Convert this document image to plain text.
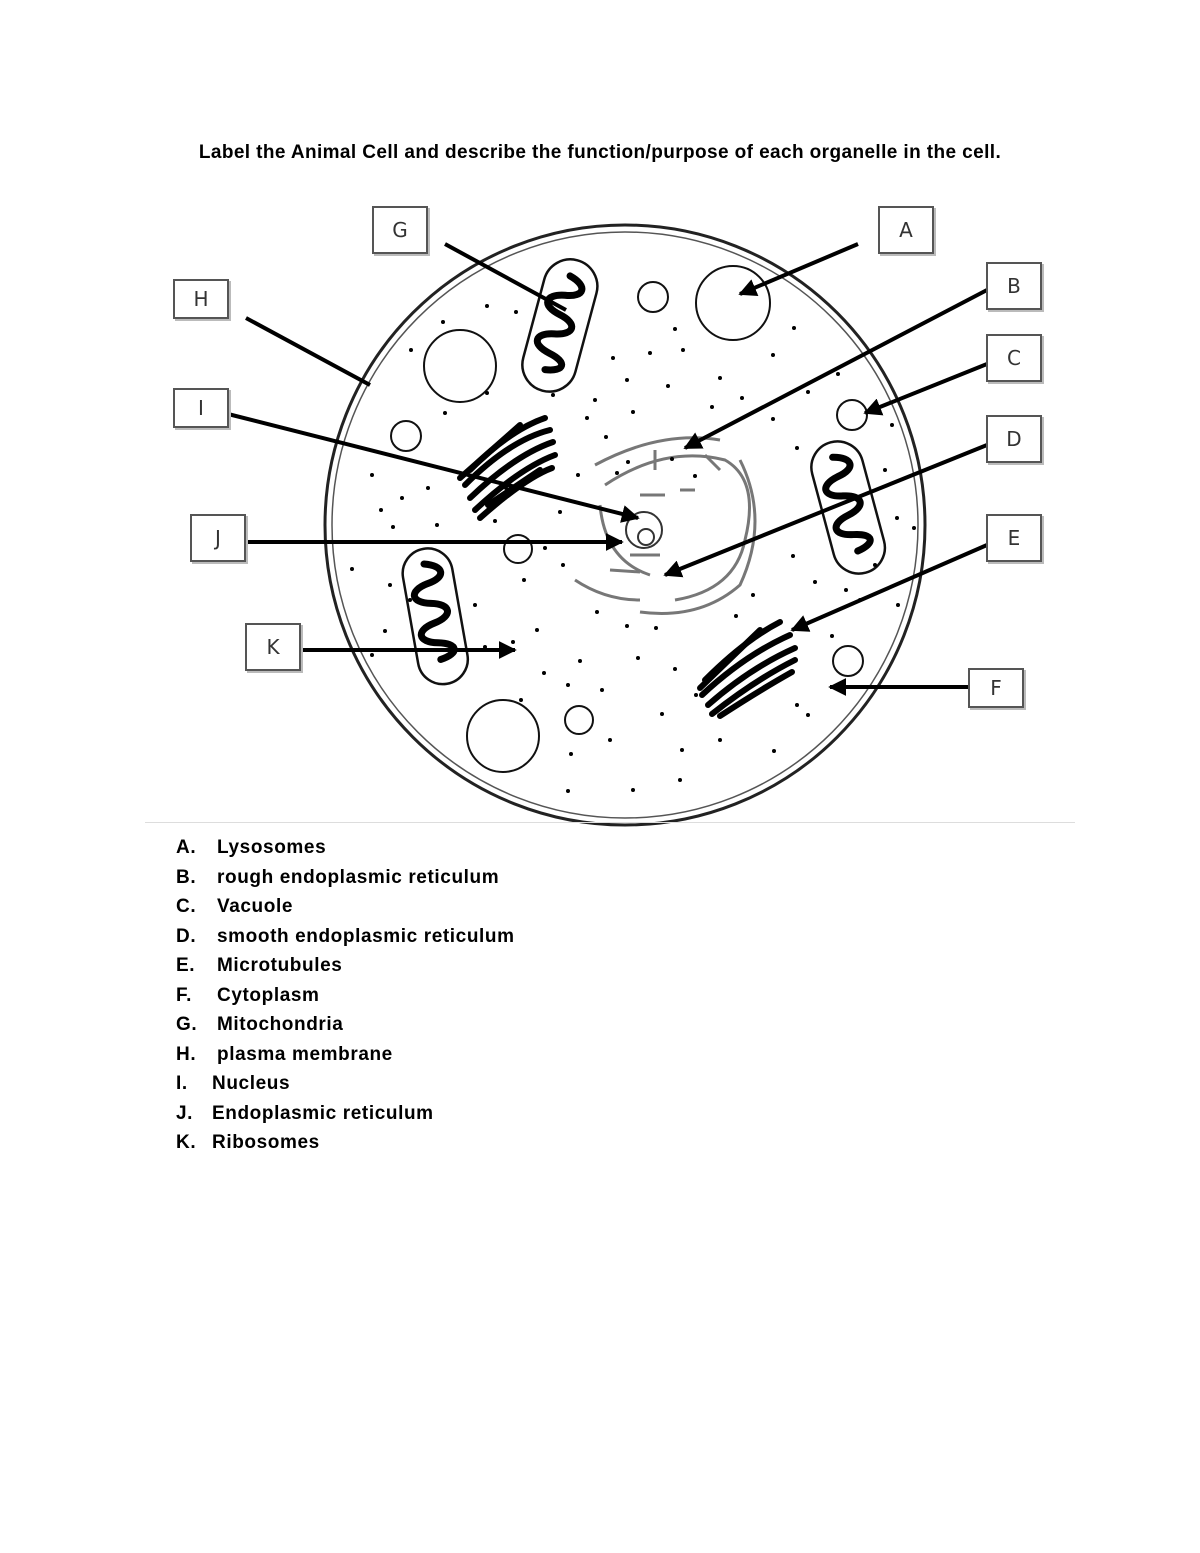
Label the Animal Cell and describe the function/purpose of each organelle in the cell.
G	A
H
B
C
I
D
J	E
K
F
A.	Lysosomes
B.	rough endoplasmic reticulum
C.	Vacuole
D.	smooth endoplasmic reticulum
E.	Microtubules
F.	Cytoplasm
G.	Mitochondria
H.	plasma membrane
I.	Nucleus
J. Endoplasmic reticulum
K. Ribosomes
